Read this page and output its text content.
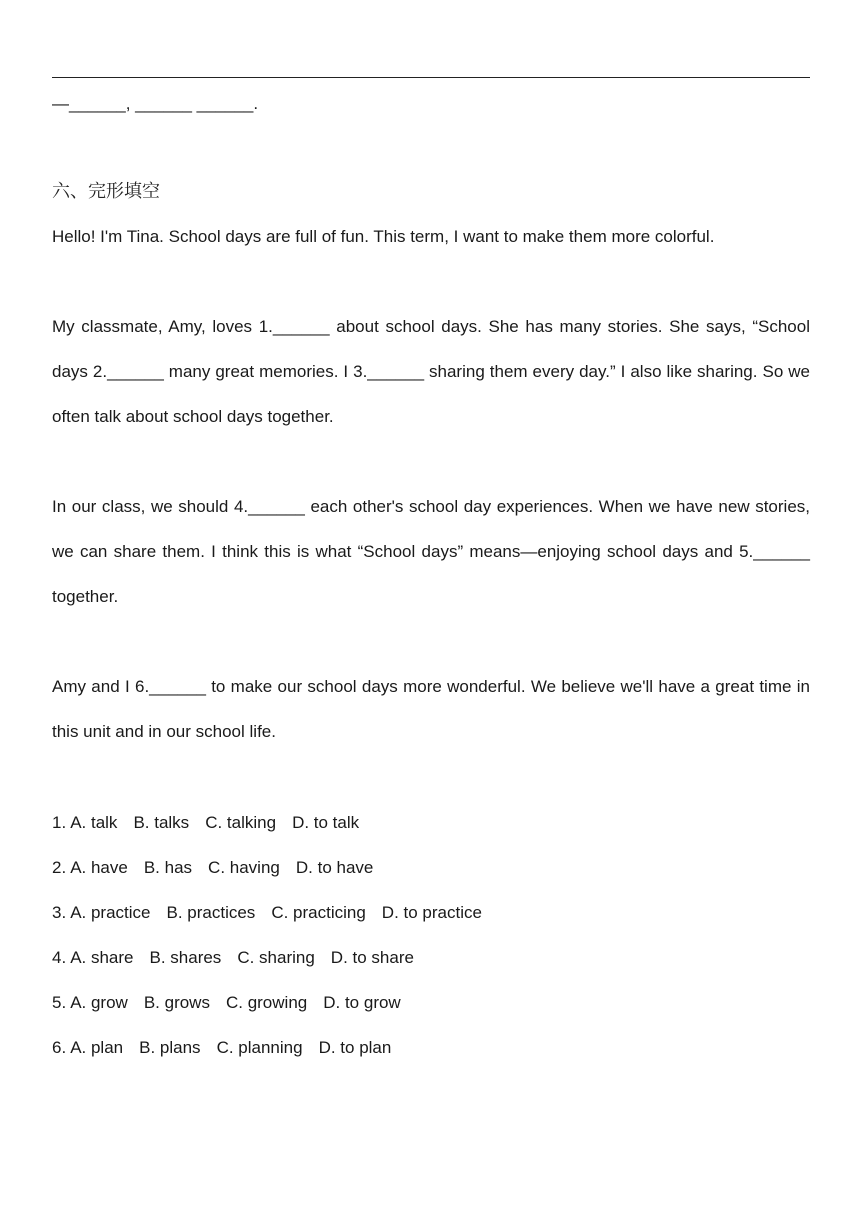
—______, ______ ______.
六、完形填空

Hello! I'm Tina. School days are full of fun. This term, I want to make them more colorful.

My classmate, Amy, loves 1.______ about school days. She has many stories. She says, “School days 2.______ many great memories. I 3.______ sharing them every day.” I also like sharing. So we often talk about school days together.

In our class, we should 4.______ each other's school day experiences. When we have new stories, we can share them. I think this is what “School days” means—enjoying school days and 5.______ together.

Amy and I 6.______ to make our school days more wonderful. We believe we'll have a great time in this unit and in our school life.

1. A. talk B. talks C. talking D. to talk
2. A. have B. has C. having D. to have
3. A. practice B. practices C. practicing D. to practice
4. A. share B. shares C. sharing D. to share
5. A. grow B. grows C. growing D. to grow
6. A. plan B. plans C. planning D. to plan
